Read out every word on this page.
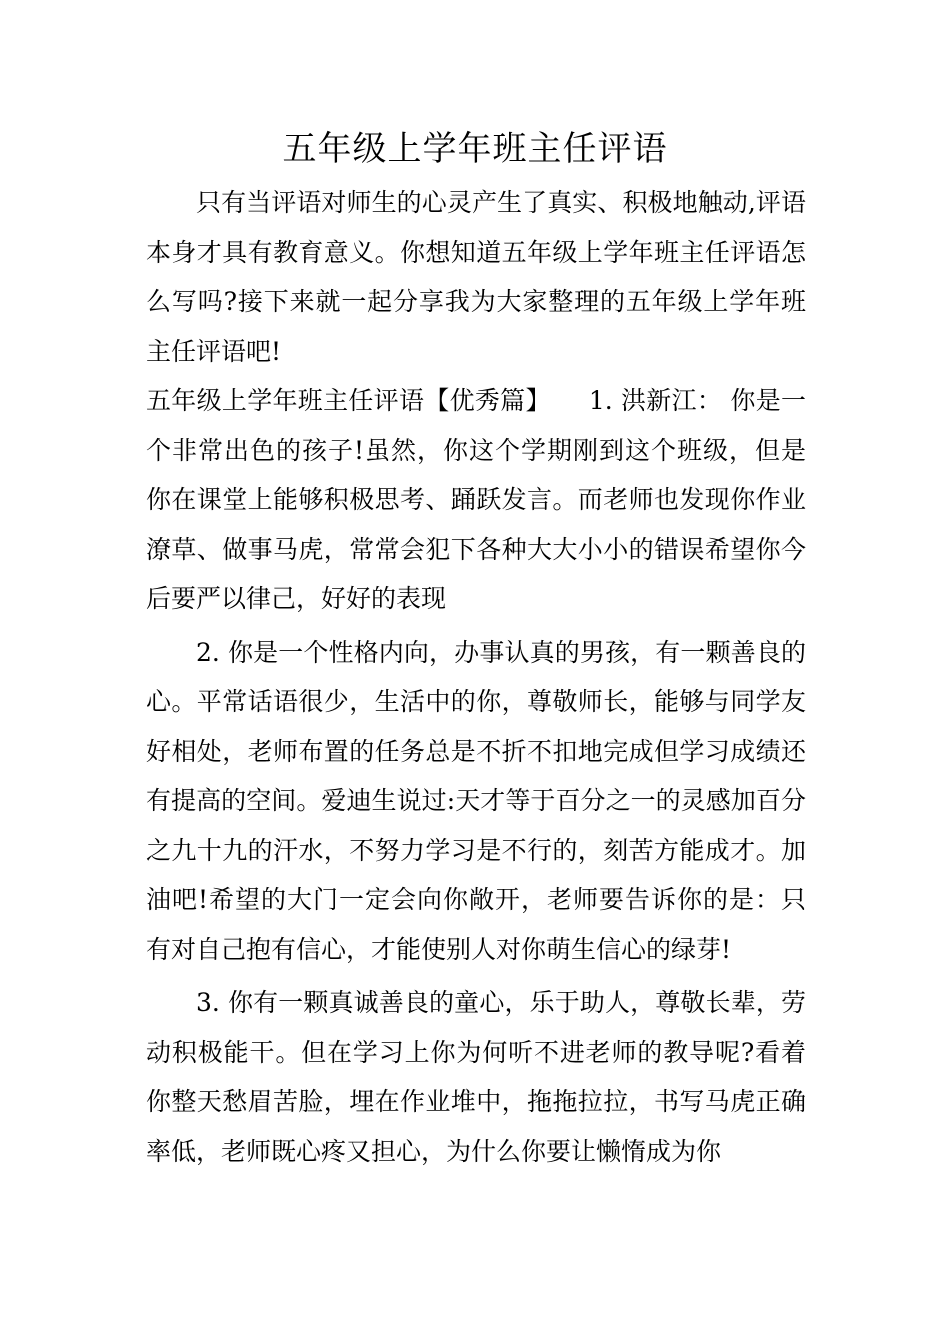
五年级上学年班主任评语

只有当评语对师生的心灵产生了真实、积极地触动,评语本身才具有教育意义。你想知道五年级上学年班主任评语怎么写吗?接下来就一起分享我为大家整理的五年级上学年班主任评语吧!

五年级上学年班主任评语【优秀篇】　　1. 洪新江： 你是一个非常出色的孩子!虽然，你这个学期刚到这个班级，但是你在课堂上能够积极思考、踊跃发言。而老师也发现你作业潦草、做事马虎，常常会犯下各种大大小小的错误希望你今后要严以律己，好好的表现

2. 你是一个性格内向，办事认真的男孩，有一颗善良的心。平常话语很少，生活中的你，尊敬师长，能够与同学友好相处，老师布置的任务总是不折不扣地完成但学习成绩还有提高的空间。爱迪生说过:天才等于百分之一的灵感加百分之九十九的汗水，不努力学习是不行的，刻苦方能成才。加油吧!希望的大门一定会向你敞开，老师要告诉你的是：只有对自己抱有信心，才能使别人对你萌生信心的绿芽!

3. 你有一颗真诚善良的童心，乐于助人，尊敬长辈，劳动积极能干。但在学习上你为何听不进老师的教导呢?看着你整天愁眉苦脸，埋在作业堆中，拖拖拉拉，书写马虎正确率低，老师既心疼又担心，为什么你要让懒惰成为你
